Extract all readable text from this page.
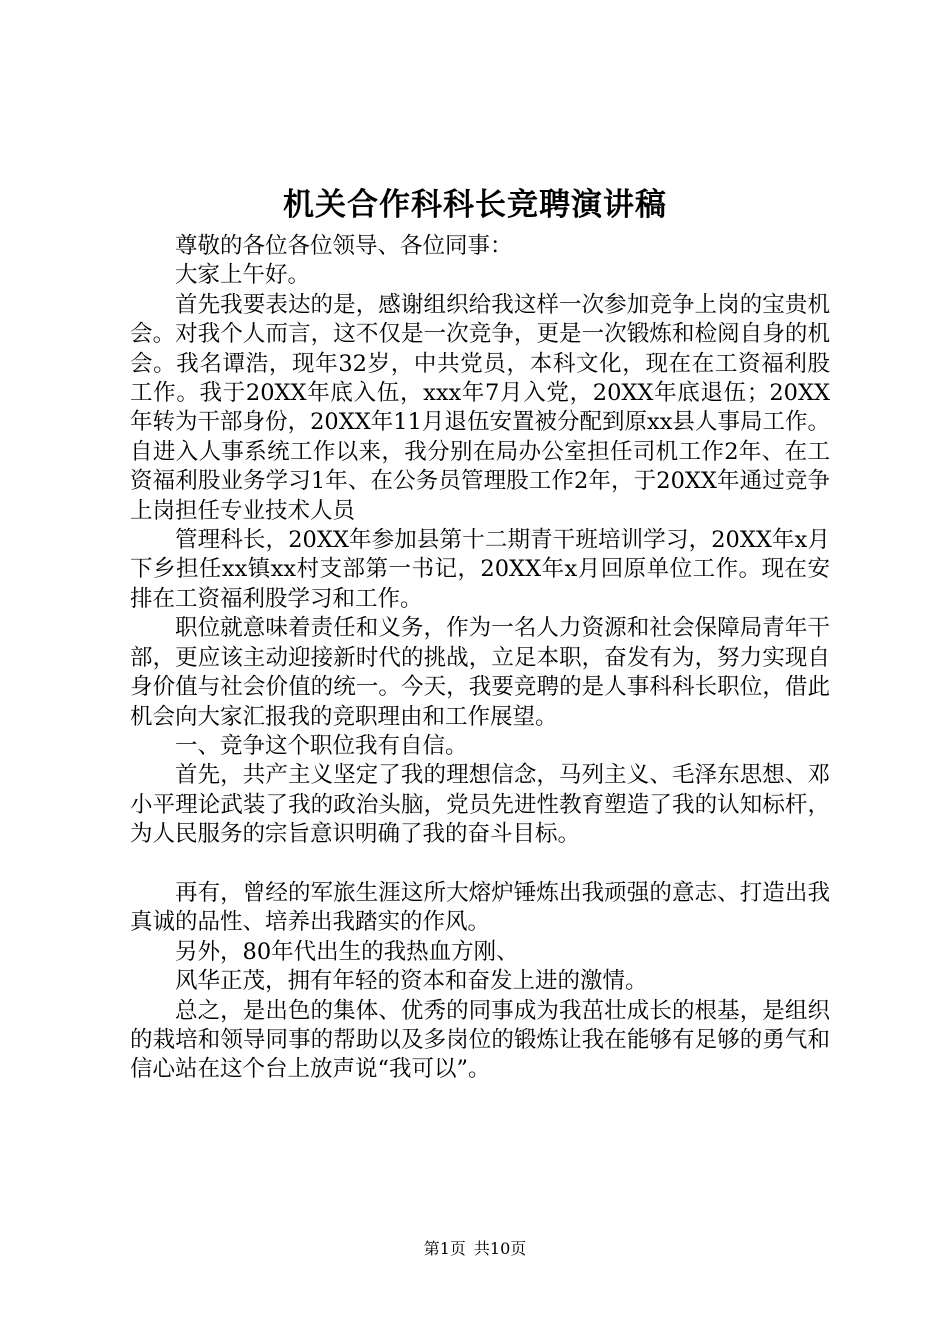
机关合作科科长竞聘演讲稿

尊敬的各位各位领导、各位同事：

大家上午好。

首先我要表达的是，感谢组织给我这样一次参加竞争上岗的宝贵机会。对我个人而言，这不仅是一次竞争，更是一次锻炼和检阅自身的机会。我名谭浩，现年32岁，中共党员，本科文化，现在在工资福利股工作。我于20XX年底入伍，xxx年7月入党，20XX年底退伍；20XX年转为干部身份，20XX年11月退伍安置被分配到原xx县人事局工作。自进入人事系统工作以来，我分别在局办公室担任司机工作2年、在工资福利股业务学习1年、在公务员管理股工作2年，于20XX年通过竞争上岗担任专业技术人员

管理科长，20XX年参加县第十二期青干班培训学习，20XX年x月下乡担任xx镇xx村支部第一书记，20XX年x月回原单位工作。现在安排在工资福利股学习和工作。

职位就意味着责任和义务，作为一名人力资源和社会保障局青年干部，更应该主动迎接新时代的挑战，立足本职，奋发有为，努力实现自身价值与社会价值的统一。今天，我要竞聘的是人事科科长职位，借此机会向大家汇报我的竞职理由和工作展望。

一、竞争这个职位我有自信。

首先，共产主义坚定了我的理想信念，马列主义、毛泽东思想、邓小平理论武装了我的政治头脑，党员先进性教育塑造了我的认知标杆，为人民服务的宗旨意识明确了我的奋斗目标。

再有，曾经的军旅生涯这所大熔炉锤炼出我顽强的意志、打造出我真诚的品性、培养出我踏实的作风。

另外，80年代出生的我热血方刚、

风华正茂，拥有年轻的资本和奋发上进的激情。

总之，是出色的集体、优秀的同事成为我茁壮成长的根基，是组织的栽培和领导同事的帮助以及多岗位的锻炼让我在能够有足够的勇气和信心站在这个台上放声说“我可以”。

第1页 共10页
